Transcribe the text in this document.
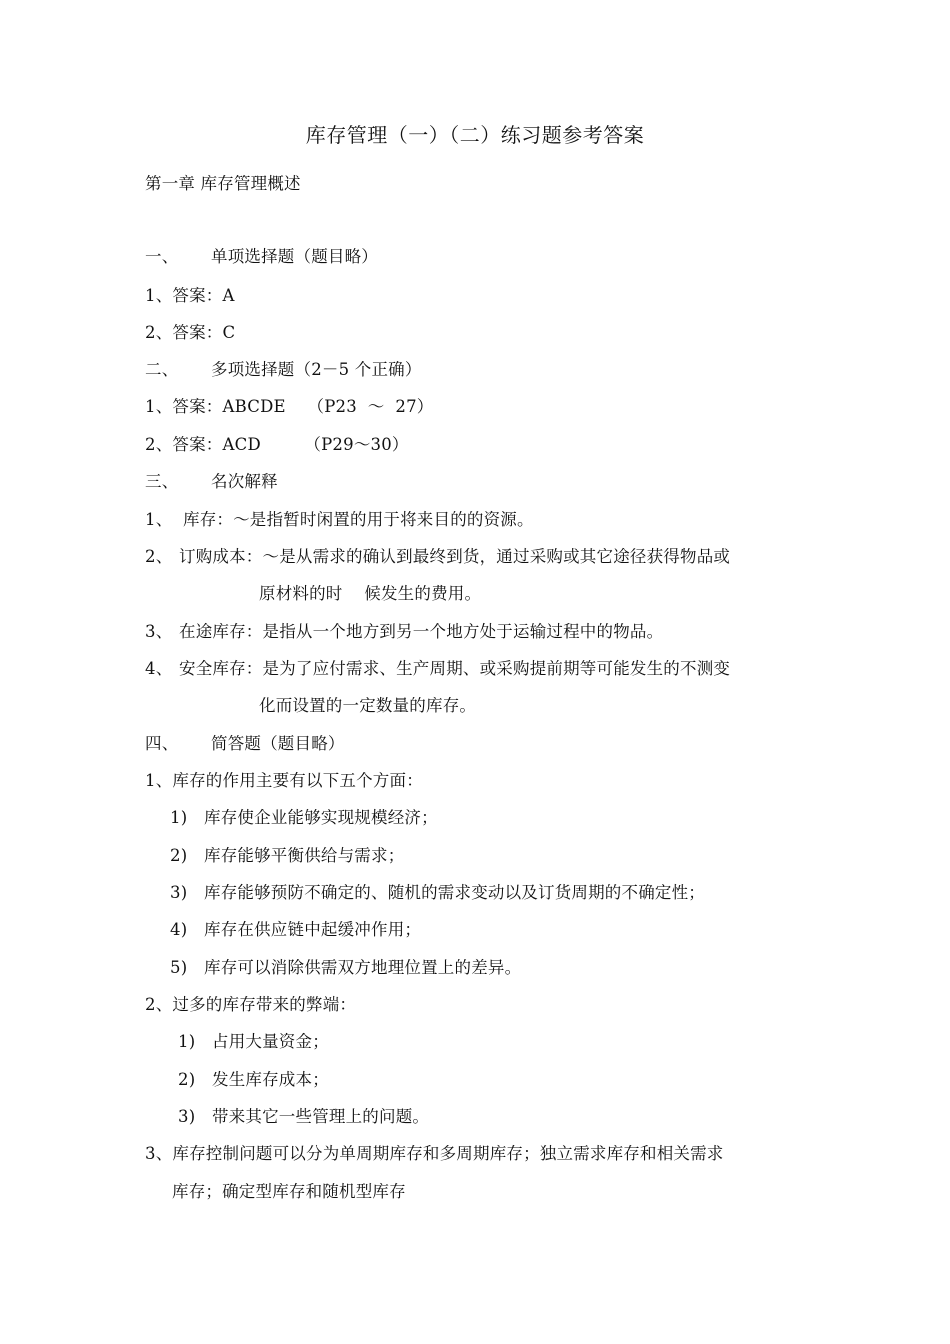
库存管理（一）（二）练习题参考答案
第一章 库存管理概述
一、 单项选择题（题目略）
1、答案：A
2、答案：C
二、 多项选择题（2－5 个正确）
1、答案：ABCDE    （P23  ～  27）
2、答案：ACD        （P29～30）
三、 名次解释
1、 库存：～是指暂时闲置的用于将来目的的资源。
2、 订购成本：～是从需求的确认到最终到货，通过采购或其它途径获得物品或
原材料的时    候发生的费用。
3、 在途库存：是指从一个地方到另一个地方处于运输过程中的物品。
4、 安全库存：是为了应付需求、生产周期、或采购提前期等可能发生的不测变
化而设置的一定数量的库存。
四、 简答题（题目略）
1、库存的作用主要有以下五个方面：
1) 库存使企业能够实现规模经济；
2) 库存能够平衡供给与需求；
3) 库存能够预防不确定的、随机的需求变动以及订货周期的不确定性；
4) 库存在供应链中起缓冲作用；
5) 库存可以消除供需双方地理位置上的差异。
2、过多的库存带来的弊端：
1) 占用大量资金；
2) 发生库存成本；
3) 带来其它一些管理上的问题。
3、库存控制问题可以分为单周期库存和多周期库存；独立需求库存和相关需求
库存；确定型库存和随机型库存
